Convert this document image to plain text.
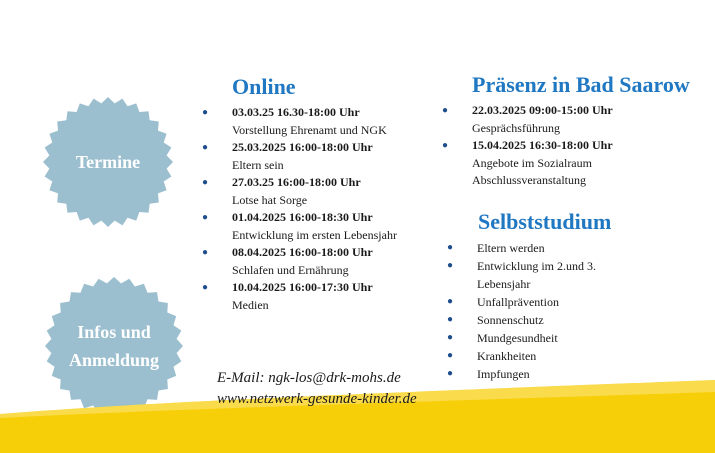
Termine
Infos und
Anmeldung
Online
● 03.03.25 16.30-18:00 Uhr
Vorstellung Ehrenamt und NGK
● 25.03.2025 16:00-18:00 Uhr
Eltern sein
● 27.03.25 16:00-18:00 Uhr
Lotse hat Sorge
● 01.04.2025 16:00-18:30 Uhr
Entwicklung im ersten Lebensjahr
● 08.04.2025 16:00-18:00 Uhr
Schlafen und Ernährung
● 10.04.2025 16:00-17:30 Uhr
Medien
Präsenz in Bad Saarow
● 22.03.2025 09:00-15:00 Uhr
Gesprächsführung
● 15.04.2025 16:30-18:00 Uhr
Angebote im Sozialraum
Abschlussveranstaltung
Selbststudium
● Eltern werden
● Entwicklung im 2.und 3.
Lebensjahr
● Unfallprävention
● Sonnenschutz
● Mundgesundheit
● Krankheiten
● Impfungen
E-Mail: ngk-los@drk-mohs.de
www.netzwerk-gesunde-kinder.de
